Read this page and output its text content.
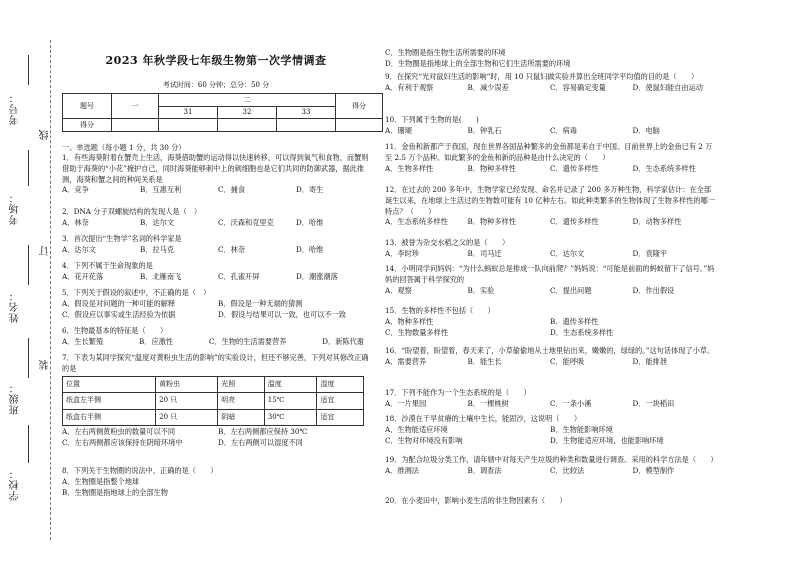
考号：
考场：
姓名：
班级：
学校：
线
订
装
2023 年秋学段七年级生物第一次学情调查
考试时间：60 分钟；总分：50 分
题号	一	二			得分
		31	32	33	
得分					
一、单选题（每小题 1 分，共 30 分）

1．有些海葵附着在蟹壳上生活，海葵借助蟹的运动得以快速转移，可以得到氧气和食物，而蟹则借助于海葵的“小花”掩护自己，同时海葵能够刺中上的刺细胞也是它们共同的防御武器，据此推测，海葵和蟹之间的种间关系是

A．竞争	B．互惠互利	C．捕食	D．寄生

2．DNA 分子双螺旋结构的发现人是（　）

A．林奈	B．达尔文	C．沃森和克里克	D．哈维

3．首次提出“生物学”名词的科学家是

A．达尔文	B．拉马克	C．林奈	D．哈维

4．下列不属于生命现象的是

A．花开花落	B．北雁南飞	C．孔雀开屏	D．潮涨潮落

5．下列关于假设的叙述中，不正确的是（　）

A．假设是对问题的一种可能的解释	B．假设是一种无端的猜测
C．假设应以事实或生活经验为依据	D．假设与结果可以一致，也可以不一致

6．生物最基本的特征是（　　）

A．生长繁殖	B．应激性	C．生物的生活需要营养	D．新陈代谢

7．下表为某同学探究“温度对黄粉虫生活的影响”的实验设计，但还不够完善，下列对其修改正确的是

位置	黄粉虫	光照	温度	湿度
纸盒左半侧	20 只	明亮	15℃	适宜
纸盒右半侧	20 只	阴暗	30℃	适宜
A．左右两侧黄粉虫的数量可以不同	B．左右两侧都应保持 30℃
C．左右两侧都应该保持在阴暗环境中	D．左右两侧可以湿度不同

8．下列关于生物圈的说法中，正确的是（　　）

A．生物圈是指整个地球

B．生物圈是指地球上的全部生物

C．生物圈是指生物生活所需要的环境

D．生物圈是指地球上的全部生物和它们生活所需要的环境

9．在探究“光对鼠妇生活的影响”时，用 10 只鼠妇做实验并算出全班同学平均值的目的是（　　）

A．有利于观察	B．减少误差	C．容易确定变量	D．使鼠妇能自由运动

10．下列属于生物的是(　　)

A．珊瑚	B．钟乳石	C．病毒	D．电脑

11．金鱼和新都产于我国，现在世界各国品种繁多的金鱼都是来自于中国。目前世界上的金鱼已有 2 万至 2.5 万个品种。如此繁多的金鱼和新的品种是由什么决定的（　　）

A．生物多样性	B．物种多样性	C．遗传多样性	D．生态系统多样性

12．在过去的 200 多年中，生物学家已经发现、命名并记录了 200 多万种生物，科学家估计：在全部诞生以来，在地球上生活过的生物数可能有 10 亿种左右。如此种类繁多的生物体现了生物多样性的哪一特点？（　　）

A．生态系统多样性	B．物种多样性	C．遗传多样性	D．动物多样性

13．被誉为杂交水稻之父的是（　　）

A．李时珍	B．司马迁	C．达尔文	D．袁隆平

14．小明同学问妈妈：“为什么蚂蚁总是排成一队向前爬？”妈妈说：“可能是前面的蚂蚁留下了信号。”妈妈的回答属于科学探究的

A．观察	B．实验	C．提出问题	D．作出假设

15．生物的多样性不包括（　　）

A．物种多样性	B．遗传多样性
C．生物数量多样性	D．生态系统多样性

16．“盼望着，盼望着，春天来了，小草偷偷地从土地里钻出来，嫩嫩的，绿绿的。”这句话体现了小草。

A．需要营养	B．能生长	C．能呼吸	D．能排泄

17．下列不能作为一个生态系统的是（　　）

A．一片果园	B．一棵桃树	C．一条小溪	D．一块稻田

18．沙漠在干旱贫瘠的土壤中生长，能固沙，这说明（　　）

A．生物能适应环境	B．生物能影响环境
C．生物对环境没有影响	D．生物能适应环境，也能影响环境

19．为配合垃圾分类工作，请年辖中对每天产生垃圾的种类和数量进行调查。采用的科学方法是（　　）

A．推测法	B．调查法	C．比较法	D．模型制作

20．在小麦田中，影响小麦生活的非生物因素有（　　）
